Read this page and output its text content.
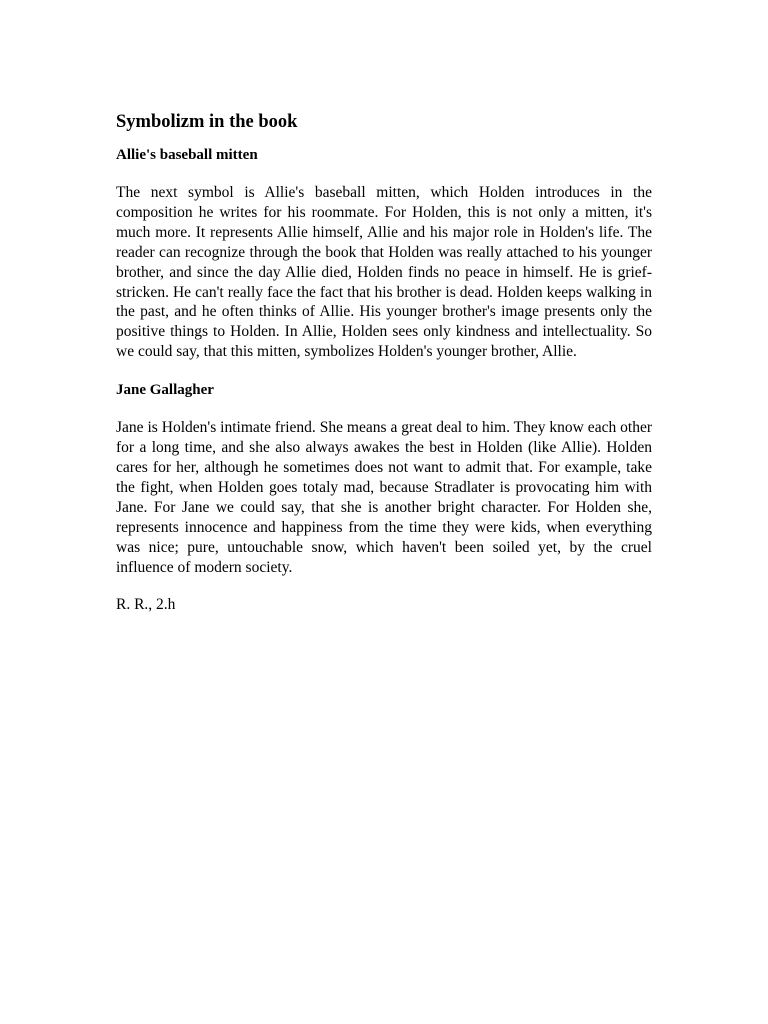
Symbolizm in the book
Allie's baseball mitten

The next symbol is Allie's baseball mitten, which Holden introduces in the composition he writes for his roommate. For Holden, this is not only a mitten, it's much more. It represents Allie himself, Allie and his major role in Holden's life. The reader can recognize through the book that Holden was really attached to his younger brother, and since the day Allie died, Holden finds no peace in himself. He is grief-stricken. He can't really face the fact that his brother is dead. Holden keeps walking in the past, and he often thinks of Allie. His younger brother's image presents only the positive things to Holden. In Allie, Holden sees only kindness and intellectuality. So we could say, that this mitten, symbolizes Holden's younger brother, Allie.

Jane Gallagher

Jane is Holden's intimate friend. She means a great deal to him. They know each other for a long time, and she also always awakes the best in Holden (like Allie). Holden cares for her, although he sometimes does not want to admit that. For example, take the fight, when Holden goes totaly mad, because Stradlater is provocating him with Jane. For Jane we could say, that she is another bright character. For Holden she, represents innocence and happiness from the time they were kids, when everything was nice; pure, untouchable snow, which haven't been soiled yet, by the cruel influence of modern society.

R. R., 2.h
